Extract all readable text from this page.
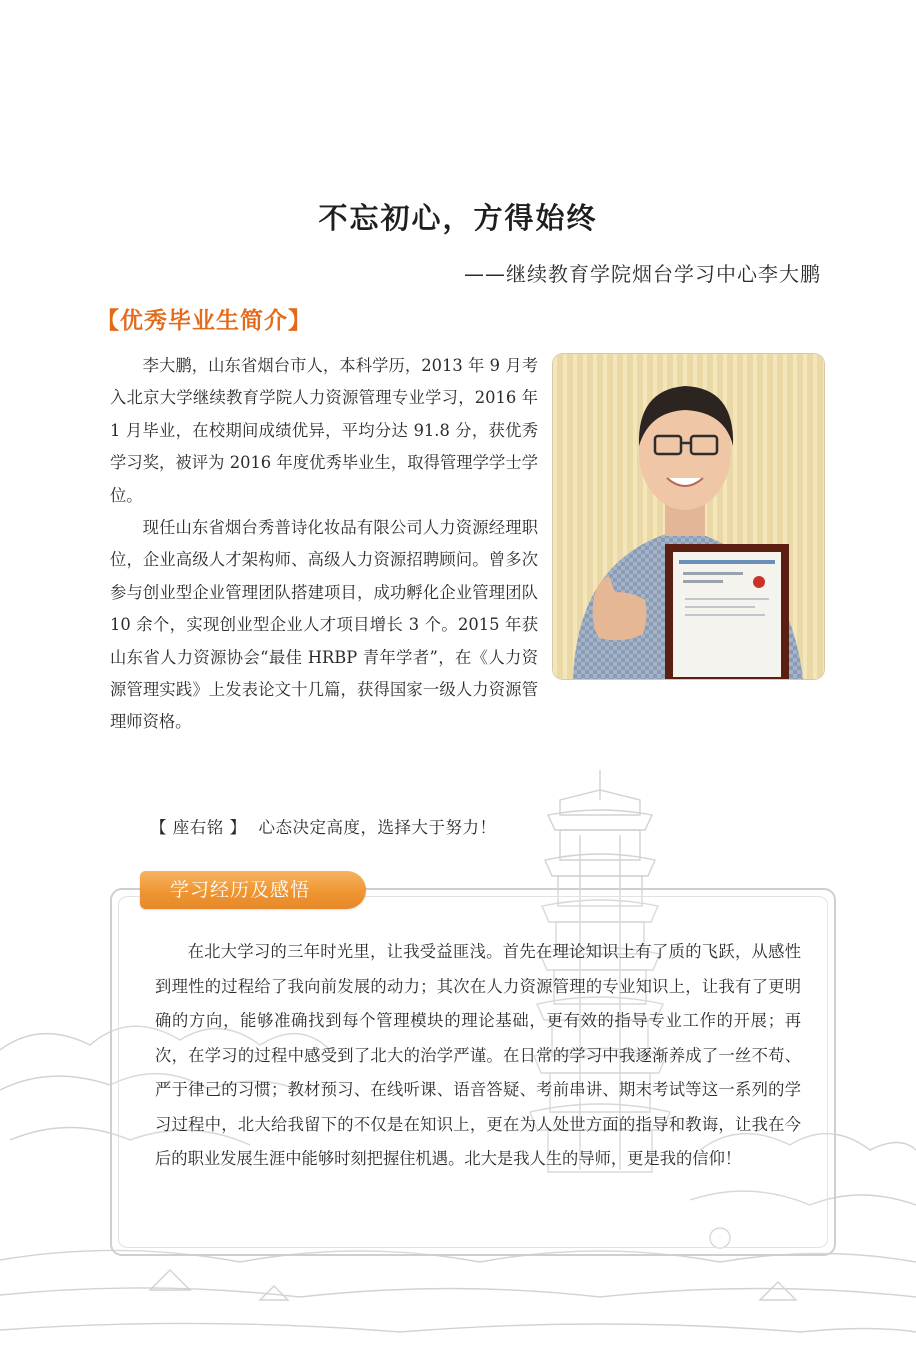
不忘初心，方得始终
——继续教育学院烟台学习中心李大鹏
【优秀毕业生简介】

李大鹏，山东省烟台市人，本科学历，2013 年 9 月考入北京大学继续教育学院人力资源管理专业学习，2016 年 1 月毕业，在校期间成绩优异，平均分达 91.8 分，获优秀学习奖，被评为 2016 年度优秀毕业生，取得管理学学士学位。

现任山东省烟台秀普诗化妆品有限公司人力资源经理职位，企业高级人才架构师、高级人力资源招聘顾问。曾多次参与创业型企业管理团队搭建项目，成功孵化企业管理团队 10 余个，实现创业型企业人才项目增长 3 个。2015 年获山东省人力资源协会“最佳 HRBP 青年学者”，在《人力资源管理实践》上发表论文十几篇，获得国家一级人力资源管理师资格。

【 座右铭 】 心态决定高度，选择大于努力！
学习经历及感悟

在北大学习的三年时光里，让我受益匪浅。首先在理论知识上有了质的飞跃，从感性到理性的过程给了我向前发展的动力；其次在人力资源管理的专业知识上，让我有了更明确的方向，能够准确找到每个管理模块的理论基础，更有效的指导专业工作的开展；再次，在学习的过程中感受到了北大的治学严谨。在日常的学习中我逐渐养成了一丝不苟、严于律己的习惯；教材预习、在线听课、语音答疑、考前串讲、期末考试等这一系列的学习过程中，北大给我留下的不仅是在知识上，更在为人处世方面的指导和教诲，让我在今后的职业发展生涯中能够时刻把握住机遇。北大是我人生的导师，更是我的信仰！
